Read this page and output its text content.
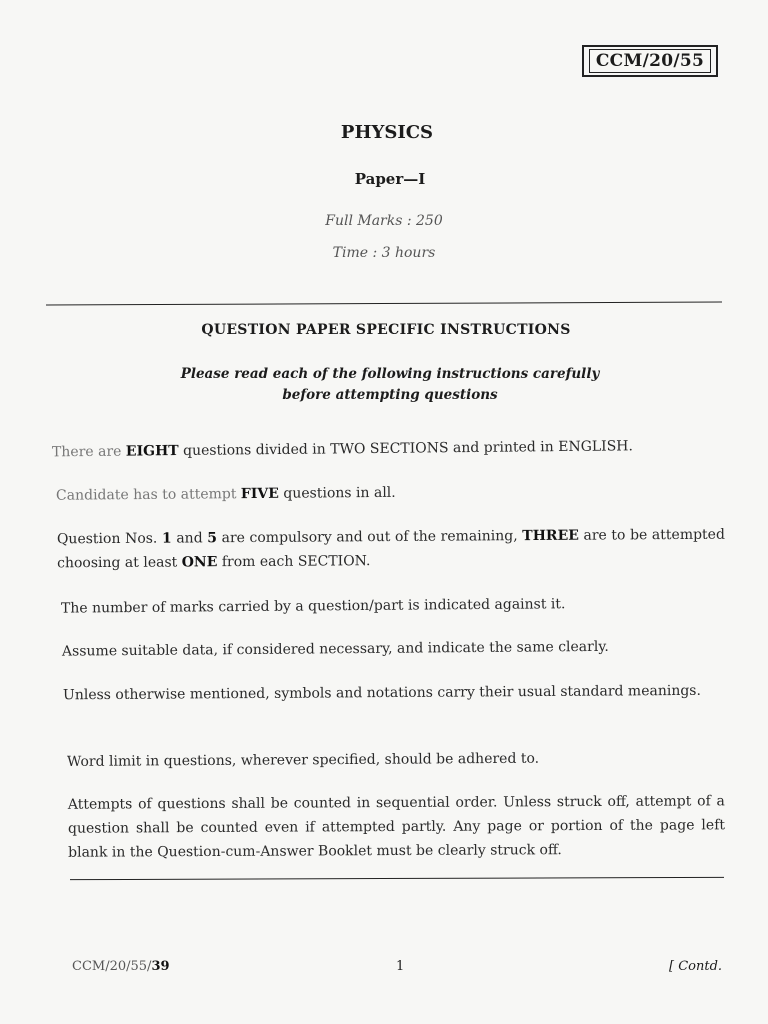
CCM/20/55
PHYSICS
Paper—I
Full Marks : 250
Time : 3 hours
QUESTION PAPER SPECIFIC INSTRUCTIONS
Please read each of the following instructions carefully
before attempting questions
There are EIGHT questions divided in TWO SECTIONS and printed in ENGLISH.
Candidate has to attempt FIVE questions in all.
Question Nos. 1 and 5 are compulsory and out of the remaining, THREE are to be attempted choosing at least ONE from each SECTION.
The number of marks carried by a question/part is indicated against it.
Assume suitable data, if considered necessary, and indicate the same clearly.
Unless otherwise mentioned, symbols and notations carry their usual standard meanings.
Word limit in questions, wherever specified, should be adhered to.
Attempts of questions shall be counted in sequential order. Unless struck off, attempt of a question shall be counted even if attempted partly. Any page or portion of the page left blank in the Question-cum-Answer Booklet must be clearly struck off.
CCM/20/55/39	1	[ Contd.
